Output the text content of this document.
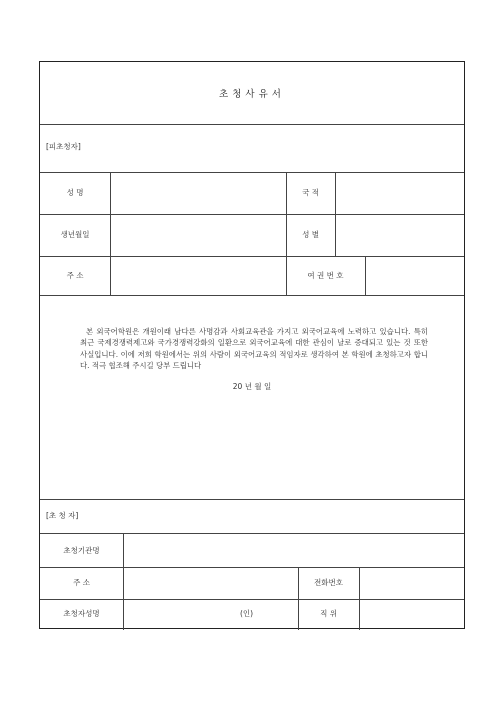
초청사유서
[피초청자]
성 명	국 적
생년월일	성 별
주 소	여 권 번 호
본 외국어학원은 개원이래 남다른 사명감과 사회교육관을 가지고 외국어교육에 노력하고 있습니다. 특히 최근 국제경쟁력제고와 국가경쟁력강화의 일환으로 외국어교육에 대한 관심이 날로 증대되고 있는 것 또한 사실입니다. 이에 저희 학원에서는 위의 사람이 외국어교육의 적임자로 생각하여 본 학원에 초청하고자 합니다. 적극 협조해 주시길 당부 드립니다
20 년 월 일
[초 청 자]
초청기관명
주 소	전화번호
초청자성명	(인)	직 위
